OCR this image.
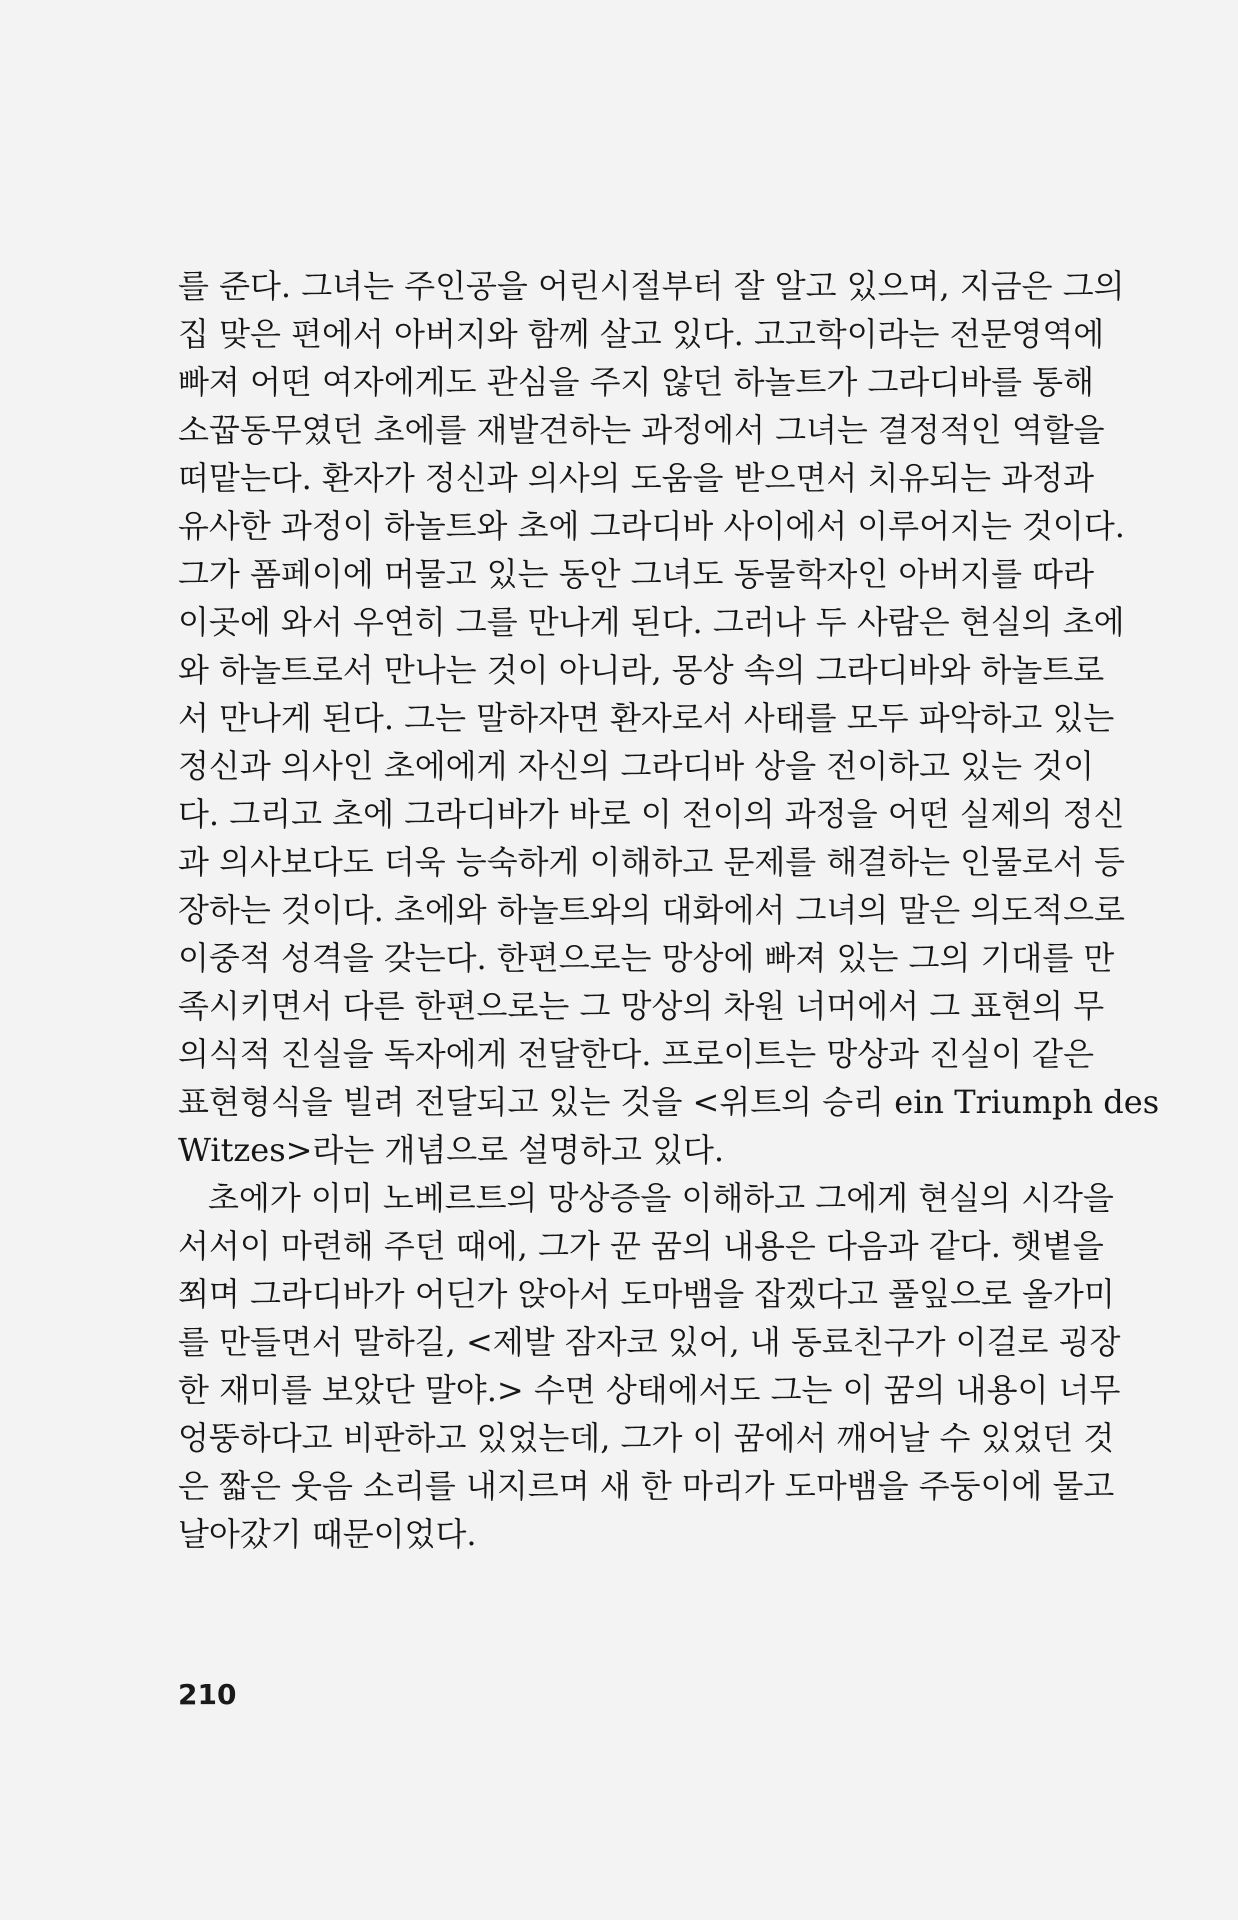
를 준다. 그녀는 주인공을 어린시절부터 잘 알고 있으며, 지금은 그의
집 맞은 편에서 아버지와 함께 살고 있다. 고고학이라는 전문영역에
빠져 어떤 여자에게도 관심을 주지 않던 하놀트가 그라디바를 통해
소꿉동무였던 초에를 재발견하는 과정에서 그녀는 결정적인 역할을
떠맡는다. 환자가 정신과 의사의 도움을 받으면서 치유되는 과정과
유사한 과정이 하놀트와 초에 그라디바 사이에서 이루어지는 것이다.
그가 폼페이에 머물고 있는 동안 그녀도 동물학자인 아버지를 따라
이곳에 와서 우연히 그를 만나게 된다. 그러나 두 사람은 현실의 초에
와 하놀트로서 만나는 것이 아니라, 몽상 속의 그라디바와 하놀트로
서 만나게 된다. 그는 말하자면 환자로서 사태를 모두 파악하고 있는
정신과 의사인 초에에게 자신의 그라디바 상을 전이하고 있는 것이
다. 그리고 초에 그라디바가 바로 이 전이의 과정을 어떤 실제의 정신
과 의사보다도 더욱 능숙하게 이해하고 문제를 해결하는 인물로서 등
장하는 것이다. 초에와 하놀트와의 대화에서 그녀의 말은 의도적으로
이중적 성격을 갖는다. 한편으로는 망상에 빠져 있는 그의 기대를 만
족시키면서 다른 한편으로는 그 망상의 차원 너머에서 그 표현의 무
의식적 진실을 독자에게 전달한다. 프로이트는 망상과 진실이 같은
표현형식을 빌려 전달되고 있는 것을 <위트의 승리 ein Triumph des
Witzes>라는 개념으로 설명하고 있다.

초에가 이미 노베르트의 망상증을 이해하고 그에게 현실의 시각을
서서이 마련해 주던 때에, 그가 꾼 꿈의 내용은 다음과 같다. 햇볕을
쬐며 그라디바가 어딘가 앉아서 도마뱀을 잡겠다고 풀잎으로 올가미
를 만들면서 말하길, <제발 잠자코 있어, 내 동료친구가 이걸로 굉장
한 재미를 보았단 말야.> 수면 상태에서도 그는 이 꿈의 내용이 너무
엉뚱하다고 비판하고 있었는데, 그가 이 꿈에서 깨어날 수 있었던 것
은 짧은 웃음 소리를 내지르며 새 한 마리가 도마뱀을 주둥이에 물고
날아갔기 때문이었다.

210
